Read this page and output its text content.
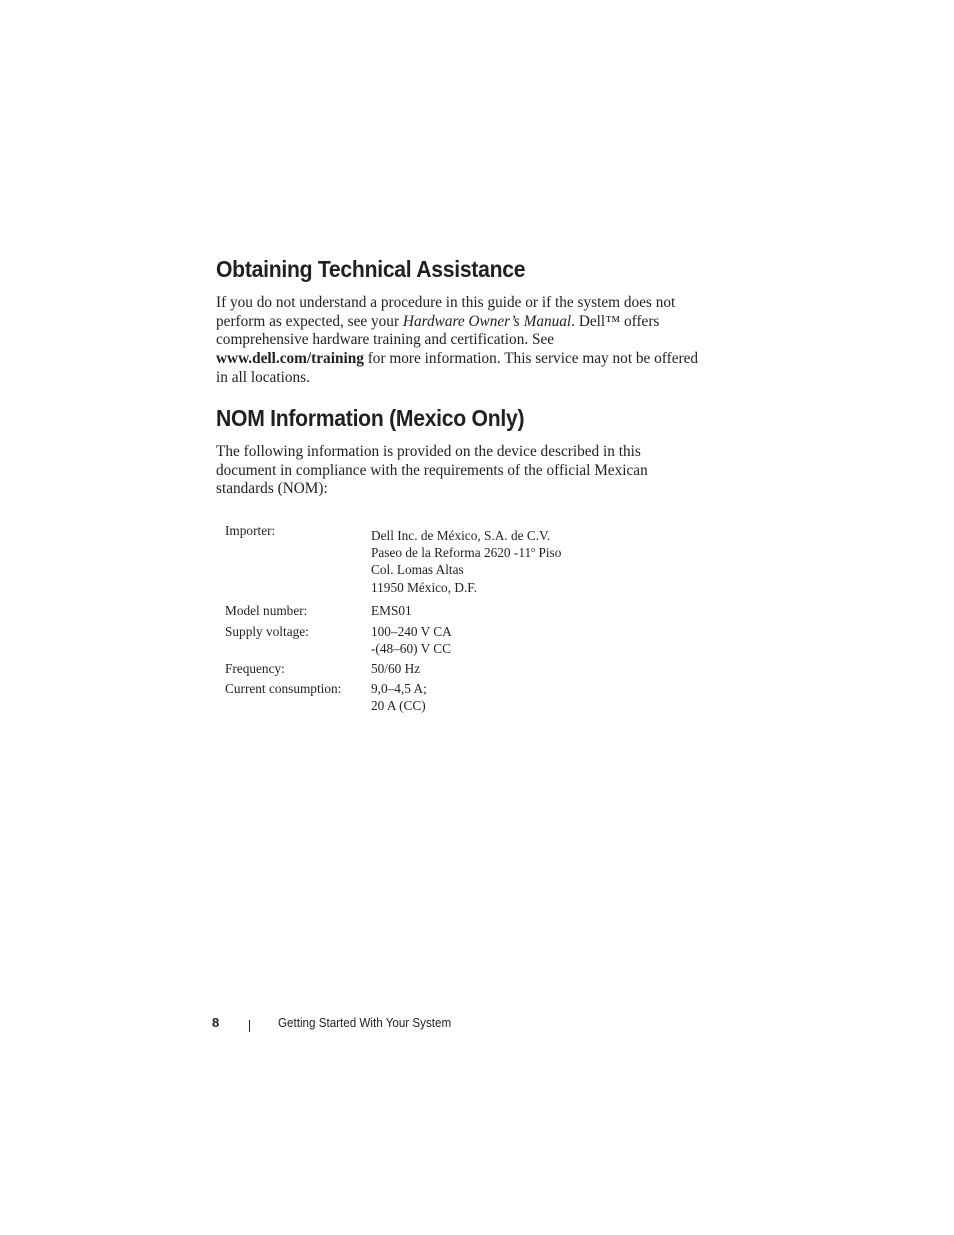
Obtaining Technical Assistance

If you do not understand a procedure in this guide or if the system does not
perform as expected, see your Hardware Owner’s Manual. Dell™ offers
comprehensive hardware training and certification. See
www.dell.com/training for more information. This service may not be offered
in all locations.

NOM Information (Mexico Only)

The following information is provided on the device described in this
document in compliance with the requirements of the official Mexican
standards (NOM):

Importer:	Dell Inc. de México, S.A. de C.V.
Paseo de la Reforma 2620 -11$^o$ Piso
Col. Lomas Altas
11950 México, D.F.
Model number:	EMS01
Supply voltage:	100–240 V CA
-(48–60) V CC
Frequency:	50/60 Hz
Current consumption: 9,0–4,5 A;
20 A (CC)
8	Getting Started With Your System
